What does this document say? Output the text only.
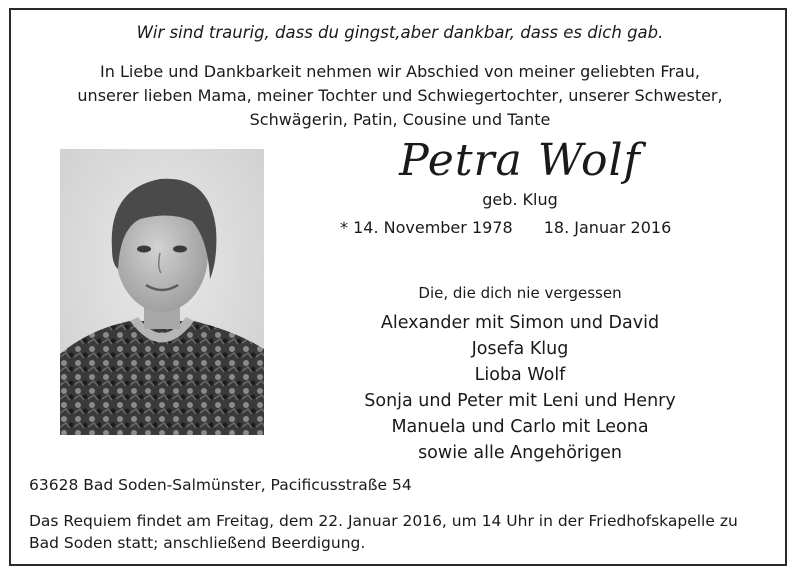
Wir sind traurig, dass du gingst,aber dankbar, dass es dich gab.
In Liebe und Dankbarkeit nehmen wir Abschied von meiner geliebten Frau,
unserer lieben Mama, meiner Tochter und Schwiegertochter, unserer Schwester,
Schwägerin, Patin, Cousine und Tante
Petra Wolf
geb. Klug
* 14. November 1978 18. Januar 2016
Die, die dich nie vergessen
Alexander mit Simon und David
Josefa Klug
Lioba Wolf
Sonja und Peter mit Leni und Henry
Manuela und Carlo mit Leona
sowie alle Angehörigen
63628 Bad Soden-Salmünster, Pacificusstraße 54
Das Requiem findet am Freitag, dem 22. Januar 2016, um 14 Uhr in der Friedhofskapelle zu
Bad Soden statt; anschließend Beerdigung.
